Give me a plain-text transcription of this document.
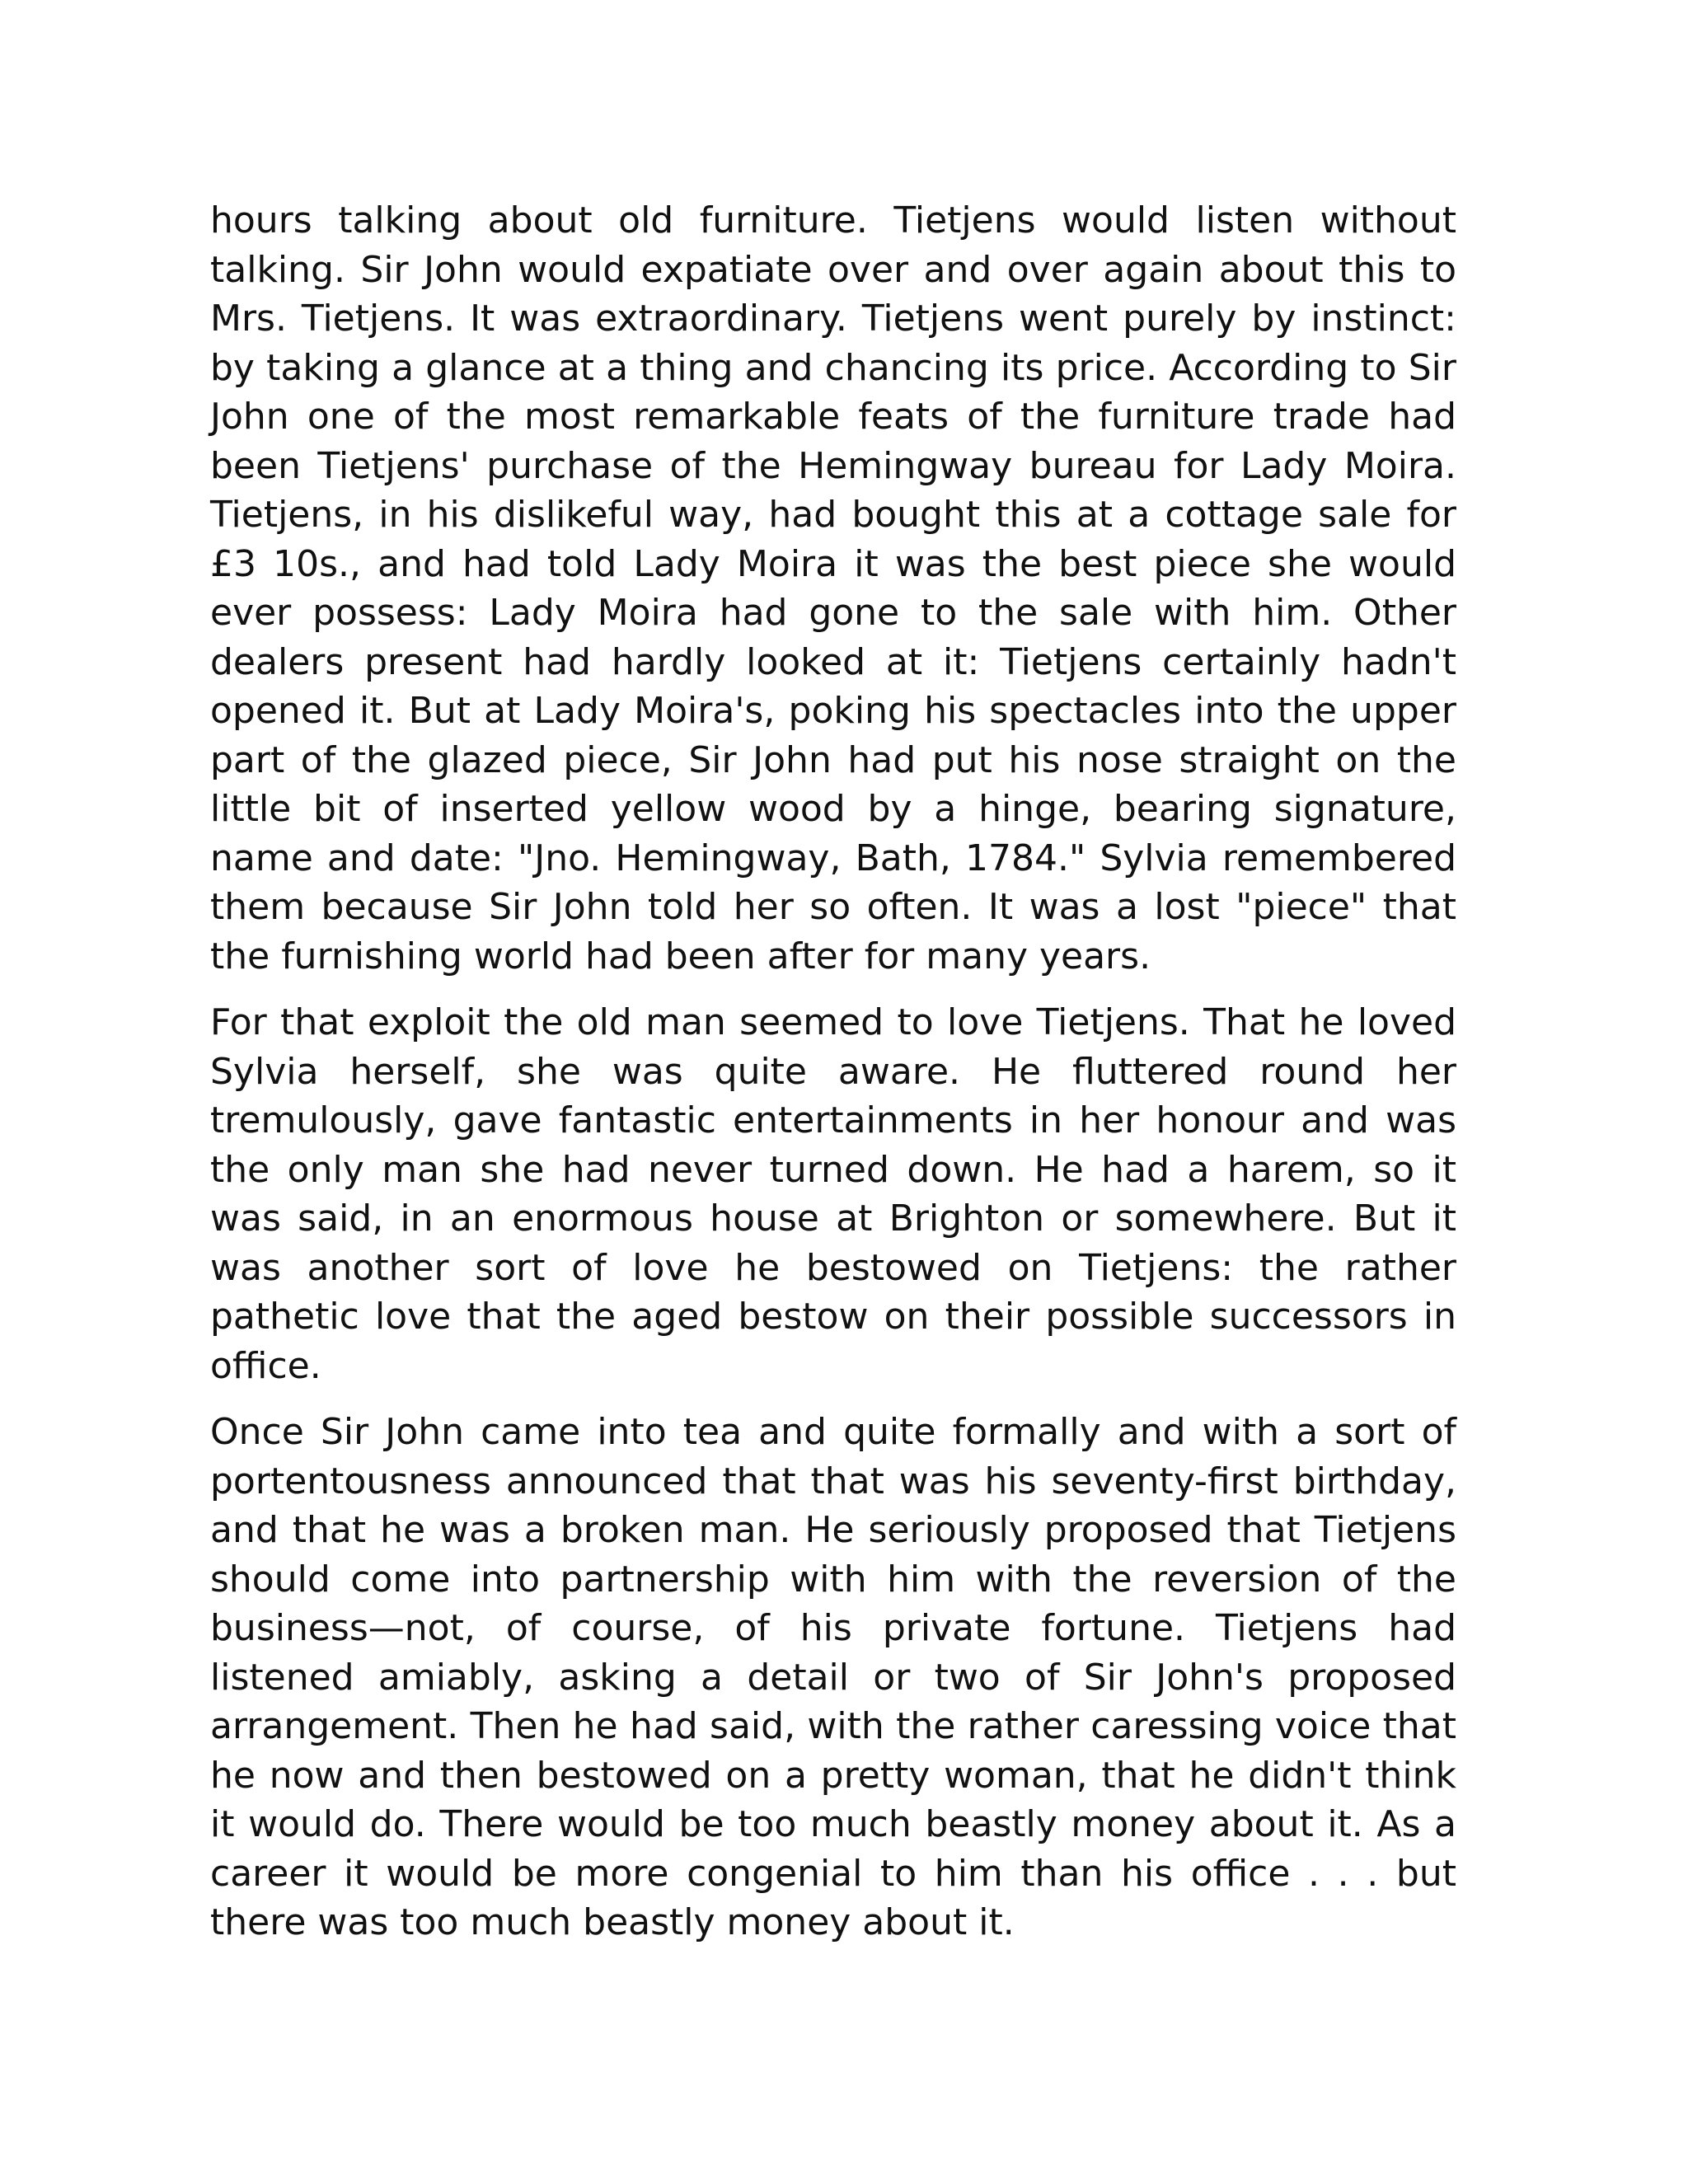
hours talking about old furniture. Tietjens would listen without talking. Sir John would expatiate over and over again about this to Mrs. Tietjens. It was extraordinary. Tietjens went purely by instinct: by taking a glance at a thing and chancing its price. According to Sir John one of the most remarkable feats of the furniture trade had been Tietjens' purchase of the Hemingway bureau for Lady Moira. Tietjens, in his dislikeful way, had bought this at a cottage sale for £3 10s., and had told Lady Moira it was the best piece she would ever possess: Lady Moira had gone to the sale with him. Other dealers present had hardly looked at it: Tietjens certainly hadn't opened it. But at Lady Moira's, poking his spectacles into the upper part of the glazed piece, Sir John had put his nose straight on the little bit of inserted yellow wood by a hinge, bearing signature, name and date: "Jno. Hemingway, Bath, 1784." Sylvia remembered them because Sir John told her so often. It was a lost "piece" that the furnishing world had been after for many years.

For that exploit the old man seemed to love Tietjens. That he loved Sylvia herself, she was quite aware. He fluttered round her tremulously, gave fantastic entertainments in her honour and was the only man she had never turned down. He had a harem, so it was said, in an enormous house at Brighton or somewhere. But it was another sort of love he bestowed on Tietjens: the rather pathetic love that the aged bestow on their possible successors in office.

Once Sir John came into tea and quite formally and with a sort of portentousness announced that that was his seventy-first birthday, and that he was a broken man. He seriously proposed that Tietjens should come into partnership with him with the reversion of the business—not, of course, of his private fortune. Tietjens had listened amiably, asking a detail or two of Sir John's proposed arrangement. Then he had said, with the rather caressing voice that he now and then bestowed on a pretty woman, that he didn't think it would do. There would be too much beastly money about it. As a career it would be more congenial to him than his office . . . but there was too much beastly money about it.
